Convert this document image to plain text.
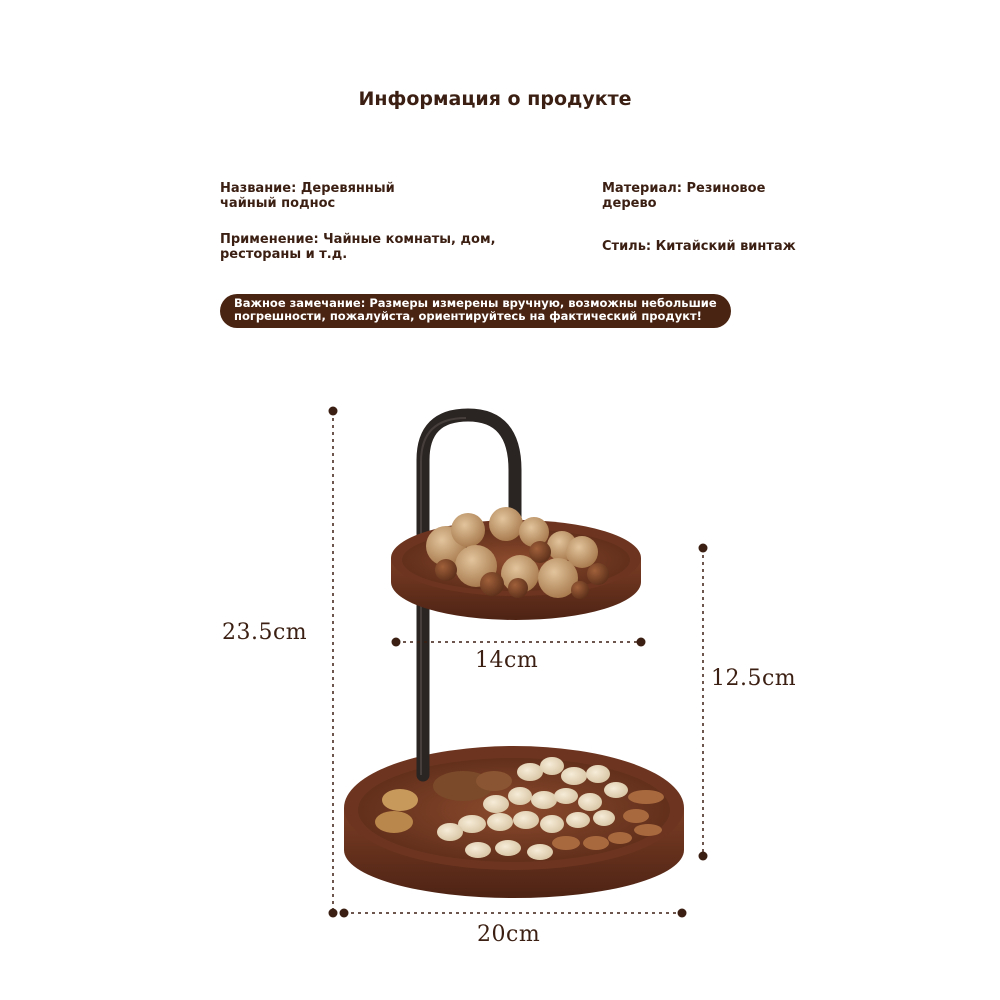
Информация о продукте
Название: Деревянный
чайный поднос
Материал: Резиновое
дерево
Применение: Чайные комнаты, дом,
рестораны и т.д.
Стиль: Китайский винтаж
Важное замечание: Размеры измерены вручную, возможны небольшие
погрешности, пожалуйста, ориентируйтесь на фактический продукт!
23.5cm
14cm
12.5cm
20cm
